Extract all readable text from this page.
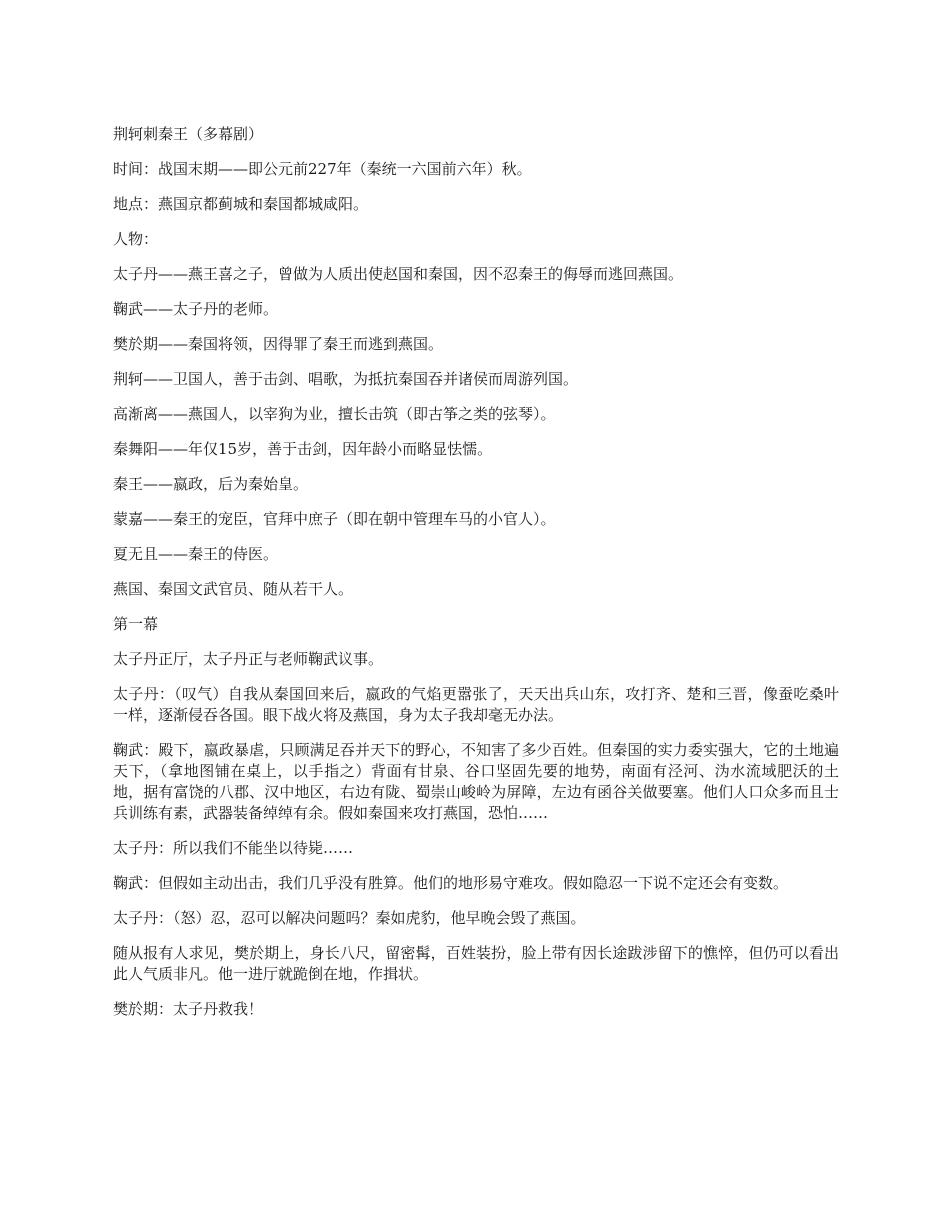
荆轲刺秦王（多幕剧）

时间：战国末期——即公元前227年（秦统一六国前六年）秋。

地点：燕国京都蓟城和秦国都城咸阳。

人物：

太子丹——燕王喜之子，曾做为人质出使赵国和秦国，因不忍秦王的侮辱而逃回燕国。

鞠武——太子丹的老师。

樊於期——秦国将领，因得罪了秦王而逃到燕国。

荆轲——卫国人，善于击剑、唱歌，为抵抗秦国吞并诸侯而周游列国。

高渐离——燕国人，以宰狗为业，擅长击筑（即古筝之类的弦琴）。

秦舞阳——年仅15岁，善于击剑，因年龄小而略显怯懦。

秦王——嬴政，后为秦始皇。

蒙嘉——秦王的宠臣，官拜中庶子（即在朝中管理车马的小官人）。

夏无且——秦王的侍医。

燕国、秦国文武官员、随从若干人。

第一幕

太子丹正厅，太子丹正与老师鞠武议事。

太子丹：（叹气）自我从秦国回来后，嬴政的气焰更嚣张了，天天出兵山东，攻打齐、楚和三晋，像蚕吃桑叶一样，逐渐侵吞各国。眼下战火将及燕国，身为太子我却毫无办法。

鞠武：殿下，嬴政暴虐，只顾满足吞并天下的野心，不知害了多少百姓。但秦国的实力委实强大，它的土地遍天下，（拿地图铺在桌上，以手指之）背面有甘泉、谷口坚固先要的地势，南面有泾河、沩水流域肥沃的土地，据有富饶的八郡、汉中地区，右边有陇、蜀崇山峻岭为屏障，左边有函谷关做要塞。他们人口众多而且士兵训练有素，武器装备绰绰有余。假如秦国来攻打燕国，恐怕……

太子丹：所以我们不能坐以待毙……

鞠武：但假如主动出击，我们几乎没有胜算。他们的地形易守难攻。假如隐忍一下说不定还会有变数。

太子丹：（怒）忍，忍可以解决问题吗？秦如虎豹，他早晚会毁了燕国。

随从报有人求见，樊於期上，身长八尺，留密髯，百姓装扮，脸上带有因长途跋涉留下的憔悴，但仍可以看出此人气质非凡。他一进厅就跪倒在地，作揖状。

樊於期：太子丹救我！
